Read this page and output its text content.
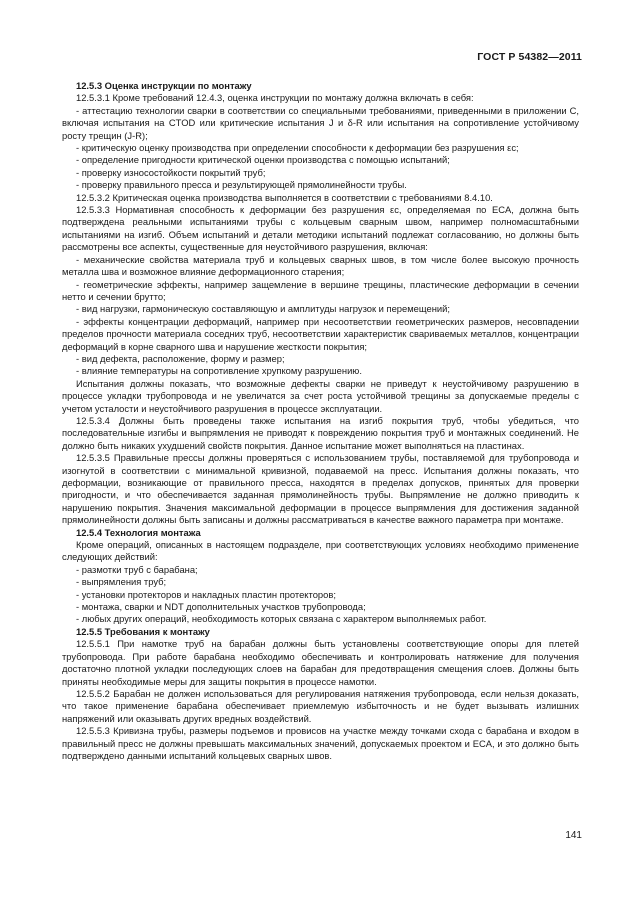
ГОСТ Р 54382—2011

12.5.3 Оценка инструкции по монтажу

12.5.3.1 Кроме требований 12.4.3, оценка инструкции по монтажу должна включать в себя:

- аттестацию технологии сварки в соответствии со специальными требованиями, приведенными в приложении C, включая испытания на CTOD или критические испытания J и δ-R или испытания на сопротивление устойчивому росту трещин (J-R);

- критическую оценку производства при определении способности к деформации без разрушения εc;

- определение пригодности критической оценки производства с помощью испытаний;

- проверку износостойкости покрытий труб;

- проверку правильного пресса и результирующей прямолинейности трубы.

12.5.3.2 Критическая оценка производства выполняется в соответствии с требованиями 8.4.10.

12.5.3.3 Нормативная способность к деформации без разрушения εc, определяемая по ECA, должна быть подтверждена реальными испытаниями трубы с кольцевым сварным швом, например полномасштабными испытаниями на изгиб. Объем испытаний и детали методики испытаний подлежат согласованию, но должны быть рассмотрены все аспекты, существенные для неустойчивого разрушения, включая:

- механические свойства материала труб и кольцевых сварных швов, в том числе более высокую прочность металла шва и возможное влияние деформационного старения;

- геометрические эффекты, например защемление в вершине трещины, пластические деформации в сечении нетто и сечении брутто;

- вид нагрузки, гармоническую составляющую и амплитуды нагрузок и перемещений;

- эффекты концентрации деформаций, например при несоответствии геометрических размеров, несовпадении пределов прочности материала соседних труб, несоответствии характеристик свариваемых металлов, концентрации деформаций в корне сварного шва и нарушение жесткости покрытия;

- вид дефекта, расположение, форму и размер;

- влияние температуры на сопротивление хрупкому разрушению.

Испытания должны показать, что возможные дефекты сварки не приведут к неустойчивому разрушению в процессе укладки трубопровода и не увеличатся за счет роста устойчивой трещины за допускаемые пределы с учетом усталости и неустойчивого разрушения в процессе эксплуатации.

12.5.3.4 Должны быть проведены также испытания на изгиб покрытия труб, чтобы убедиться, что последовательные изгибы и выпрямления не приводят к повреждению покрытия труб и монтажных соединений. Не должно быть никаких ухудшений свойств покрытия. Данное испытание может выполняться на пластинах.

12.5.3.5 Правильные прессы должны проверяться с использованием трубы, поставляемой для трубопровода и изогнутой в соответствии с минимальной кривизной, подаваемой на пресс. Испытания должны показать, что деформации, возникающие от правильного пресса, находятся в пределах допусков, принятых для проверки пригодности, и что обеспечивается заданная прямолинейность трубы. Выпрямление не должно приводить к нарушению покрытия. Значения максимальной деформации в процессе выпрямления для достижения заданной прямолинейности должны быть записаны и должны рассматриваться в качестве важного параметра при монтаже.

12.5.4 Технология монтажа

Кроме операций, описанных в настоящем подразделе, при соответствующих условиях необходимо применение следующих действий:

- размотки труб с барабана;

- выпрямления труб;

- установки протекторов и накладных пластин протекторов;

- монтажа, сварки и NDT дополнительных участков трубопровода;

- любых других операций, необходимость которых связана с характером выполняемых работ.

12.5.5 Требования к монтажу

12.5.5.1 При намотке труб на барабан должны быть установлены соответствующие опоры для плетей трубопровода. При работе барабана необходимо обеспечивать и контролировать натяжение для получения достаточно плотной укладки последующих слоев на барабан для предотвращения смещения слоев. Должны быть приняты необходимые меры для защиты покрытия в процессе намотки.

12.5.5.2 Барабан не должен использоваться для регулирования натяжения трубопровода, если нельзя доказать, что такое применение барабана обеспечивает приемлемую избыточность и не будет вызывать излишних напряжений или оказывать других вредных воздействий.

12.5.5.3 Кривизна трубы, размеры подъемов и провисов на участке между точками схода с барабана и входом в правильный пресс не должны превышать максимальных значений, допускаемых проектом и ECA, и это должно быть подтверждено данными испытаний кольцевых сварных швов.

141
